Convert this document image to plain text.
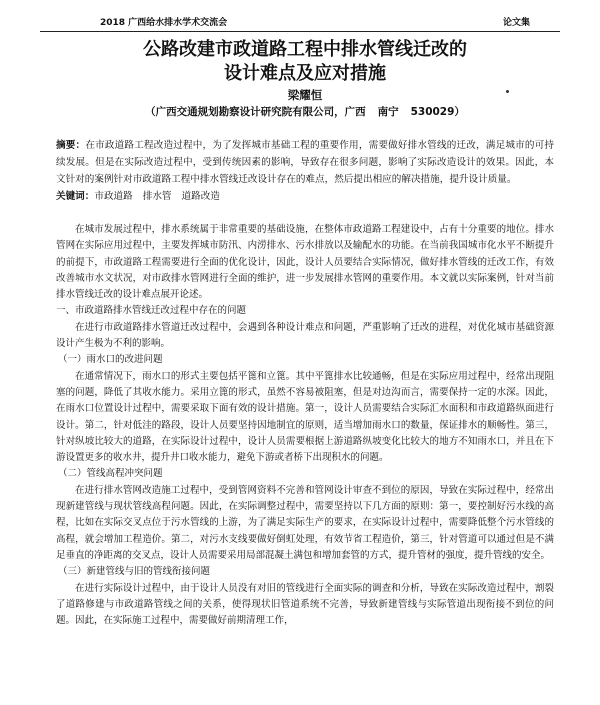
2018 广西给水排水学术交流会	论文集
公路改建市政道路工程中排水管线迁改的
设计难点及应对措施
梁耀恒
（广西交通规划勘察设计研究院有限公司，广西 南宁 530029）
摘要：在市政道路工程改造过程中，为了发挥城市基础工程的重要作用，需要做好排水管线的迁改，满足城市的可持续发展。但是在实际改造过程中，受到传统因素的影响，导致存在很多问题，影响了实际改造设计的效果。因此，本文针对的案例针对市政道路工程中排水管线迁改设计存在的难点，然后提出相应的解决措施，提升设计质量。
关键词：市政道路 排水管 道路改造

在城市发展过程中，排水系统属于非常重要的基础设施，在整体市政道路工程建设中，占有十分重要的地位。排水管网在实际应用过程中，主要发挥城市防汛、内涝排水、污水排放以及输配水的功能。在当前我国城市化水平不断提升的前提下，市政道路工程需要进行全面的优化设计，因此，设计人员要结合实际情况，做好排水管线的迁改工作，有效改善城市水文状况，对市政排水管网进行全面的维护，进一步发展排水管网的重要作用。本文就以实际案例，针对当前排水管线迁改的设计难点展开论述。

一、市政道路排水管线迁改过程中存在的问题

在进行市政道路排水管道迁改过程中，会遇到各种设计难点和问题，严重影响了迁改的进程，对优化城市基础资源设计产生极为不利的影响。

（一）雨水口的改进问题

在通常情况下，雨水口的形式主要包括平篦和立篦。其中平篦排水比较通畅，但是在实际应用过程中，经常出现阻塞的问题，降低了其收水能力。采用立篦的形式，虽然不容易被阻塞，但是对边沟而言，需要保持一定的水深。因此，在雨水口位置设计过程中，需要采取下面有效的设计措施。第一，设计人员需要结合实际汇水面积和市政道路纵面进行设计。第二，针对低洼的路段，设计人员要坚持因地制宜的原则，适当增加雨水口的数量，保证排水的顺畅性。第三，针对纵坡比较大的道路，在实际设计过程中，设计人员需要根据上游道路纵坡变化比较大的地方不知雨水口，并且在下游设置更多的收水井，提升井口收水能力，避免下游或者桥下出现积水的问题。

（二）管线高程冲突问题

在进行排水管网改造施工过程中，受到管网资料不完善和管网设计审查不到位的原因，导致在实际过程中，经常出现新建管线与现状管线高程问题。因此，在实际调整过程中，需要坚持以下几方面的原则：第一，要控制好污水线的高程，比如在实际交叉点位于污水管线的上游，为了满足实际生产的要求，在实际设计过程中，需要降低整个污水管线的高程，就会增加工程造价。第二，对污水支线要做好倒虹处理，有效节省工程造价，第三，针对管道可以通过但是不满足垂直的净距离的交叉点，设计人员需要采用局部混凝土满包和增加套管的方式，提升管材的强度，提升管线的安全。

（三）新建管线与旧的管线衔接问题

在进行实际设计过程中，由于设计人员没有对旧的管线进行全面实际的调查和分析，导致在实际改造过程中，割裂了道路修建与市政道路管线之间的关系，使得现状旧管道系统不完善，导致新建管线与实际管道出现衔接不到位的问题。因此，在实际施工过程中，需要做好前期清理工作，
